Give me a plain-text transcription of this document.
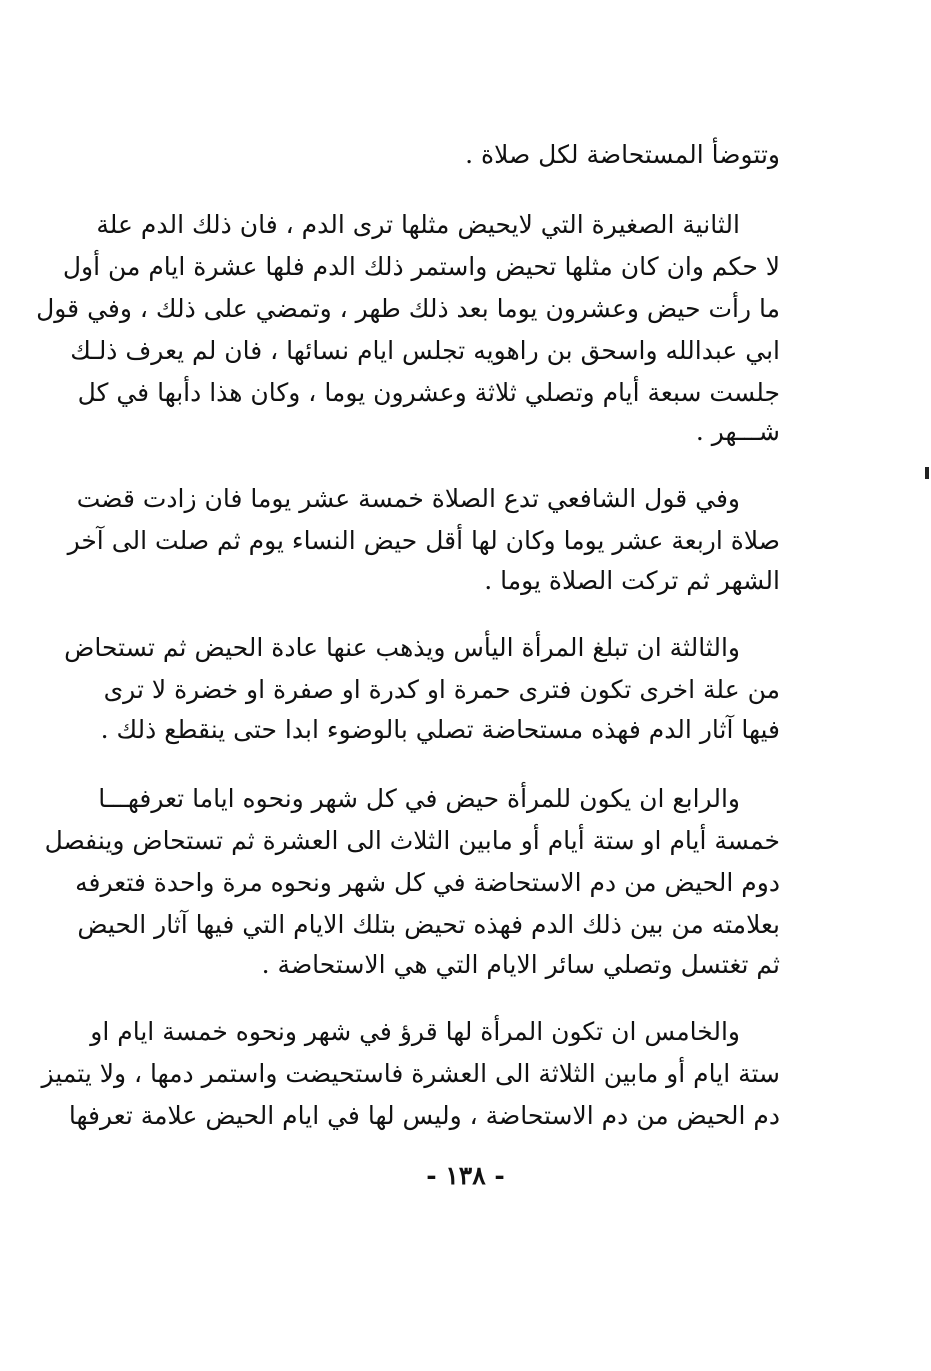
وتتوضأ المستحاضة لكل صلاة .
الثانية الصغيرة التي لايحيض مثلها ترى الدم ، فان ذلك الدم علة
لا حكم وان كان مثلها تحيض واستمر ذلك الدم فلها عشرة ايام من أول
ما رأت حيض وعشرون يوما بعد ذلك طهر ، وتمضي على ذلك ، وفي قول
ابي عبدالله واسحق بن راهويه تجلس ايام نسائها ، فان لم يعرف ذلـك
جلست سبعة أيام وتصلي ثلاثة وعشرون يوما ، وكان هذا دأبها في كل
شـــهر .
وفي قول الشافعي تدع الصلاة خمسة عشر يوما فان زادت قضت
صلاة اربعة عشر يوما وكان لها أقل حيض النساء يوم ثم صلت الى آخر
الشهر ثم تركت الصلاة يوما .
والثالثة ان تبلغ المرأة اليأس ويذهب عنها عادة الحيض ثم تستحاض
من علة اخرى تكون فترى حمرة او كدرة او صفرة او خضرة لا ترى
فيها آثار الدم فهذه مستحاضة تصلي بالوضوء ابدا حتى ينقطع ذلك .
والرابع ان يكون للمرأة حيض في كل شهر ونحوه اياما تعرفهـــا
خمسة أيام او ستة أيام أو مابين الثلاث الى العشرة ثم تستحاض وينفصل
دوم الحيض من دم الاستحاضة في كل شهر ونحوه مرة واحدة فتعرفه
بعلامته من بين ذلك الدم فهذه تحيض بتلك الايام التي فيها آثار الحيض
ثم تغتسل وتصلي سائر الايام التي هي الاستحاضة .
والخامس ان تكون المرأة لها قرؤ في شهر ونحوه خمسة ايام او
ستة ايام أو مابين الثلاثة الى العشرة فاستحيضت واستمر دمها ، ولا يتميز
دم الحيض من دم الاستحاضة ، وليس لها في ايام الحيض علامة تعرفها
- ١٣٨ -
